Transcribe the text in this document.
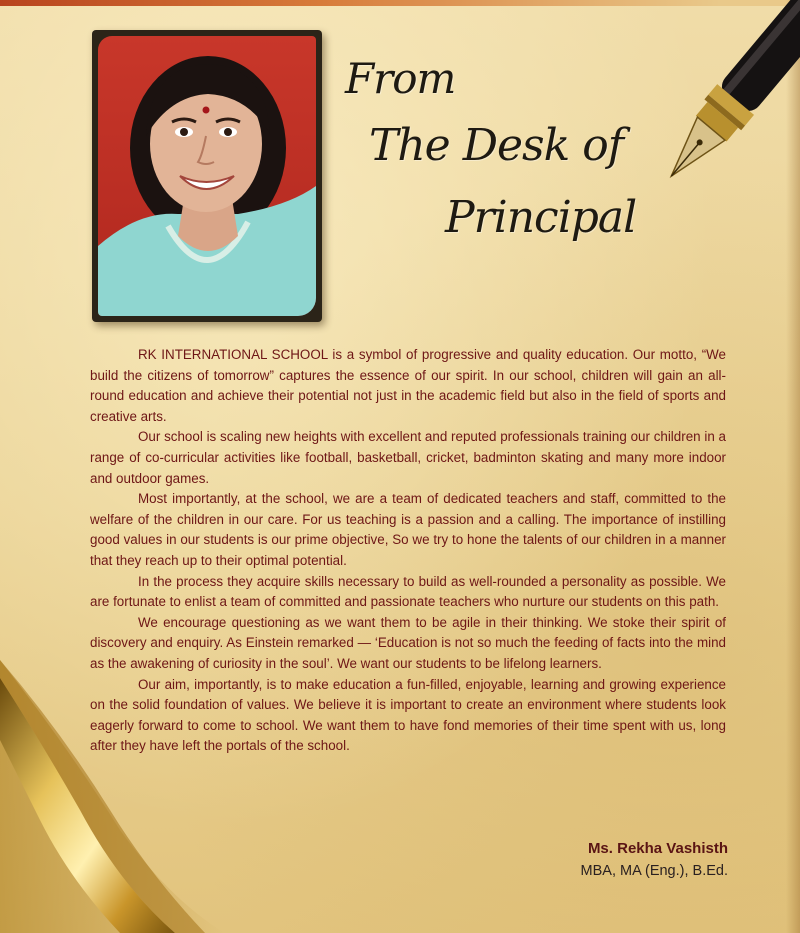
From
The Desk of
Principal

RK INTERNATIONAL SCHOOL is a symbol of progressive and quality education. Our motto, “We build the citizens of tomorrow” captures the essence of our spirit. In our school, children will gain an all-round education and achieve their potential not just in the academic field but also in the field of sports and creative arts.

Our school is scaling new heights with excellent and reputed professionals training our children in a range of co-curricular activities like football, basketball, cricket, badminton skating and many more indoor and outdoor games.

Most importantly, at the school, we are a team of dedicated teachers and staff, committed to the welfare of the children in our care. For us teaching is a passion and a calling. The importance of instilling good values in our students is our prime objective, So we try to hone the talents of our children in a manner that they reach up to their optimal potential.

In the process they acquire skills necessary to build as well-rounded a personality as possible. We are fortunate to enlist a team of committed and passionate teachers who nurture our students on this path.

We encourage questioning as we want them to be agile in their thinking. We stoke their spirit of discovery and enquiry. As Einstein remarked — ‘Education is not so much the feeding of facts into the mind as the awakening of curiosity in the soul’. We want our students to be lifelong learners.

Our aim, importantly, is to make education a fun-filled, enjoyable, learning and growing experience on the solid foundation of values. We believe it is important to create an environment where students look eagerly forward to come to school. We want them to have fond memories of their time spent with us, long after they have left the portals of the school.

Ms. Rekha Vashisth
MBA, MA (Eng.), B.Ed.
